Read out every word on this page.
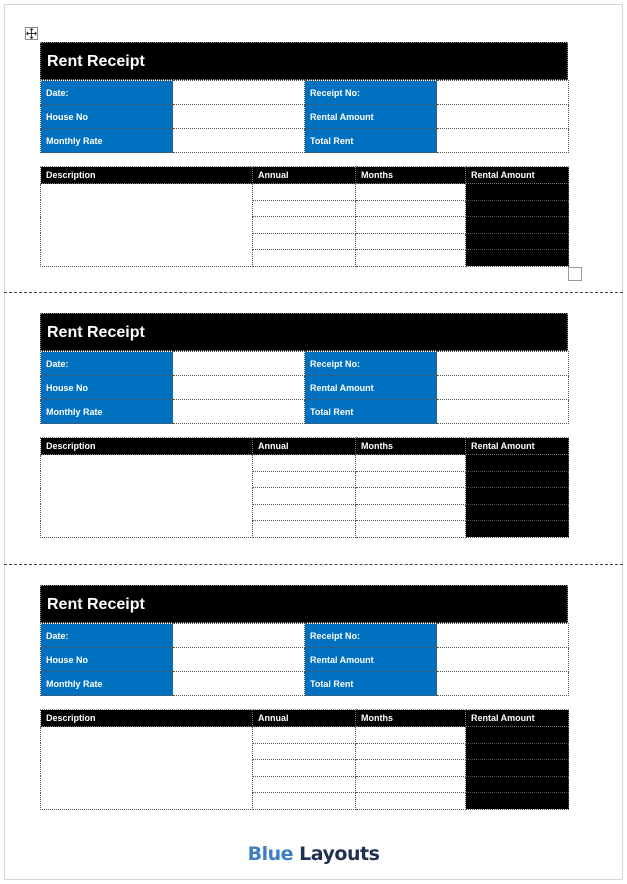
Rent Receipt
Date:		Receipt No:	
House No		Rental Amount	
Monthly Rate		Total Rent	
Description	Annual	Months	Rental Amount

Rent Receipt
Date:		Receipt No:	
House No		Rental Amount	
Monthly Rate		Total Rent	
Description	Annual	Months	Rental Amount

Rent Receipt
Date:		Receipt No:	
House No		Rental Amount	
Monthly Rate		Total Rent	
Description	Annual	Months	Rental Amount

Blue Layouts
